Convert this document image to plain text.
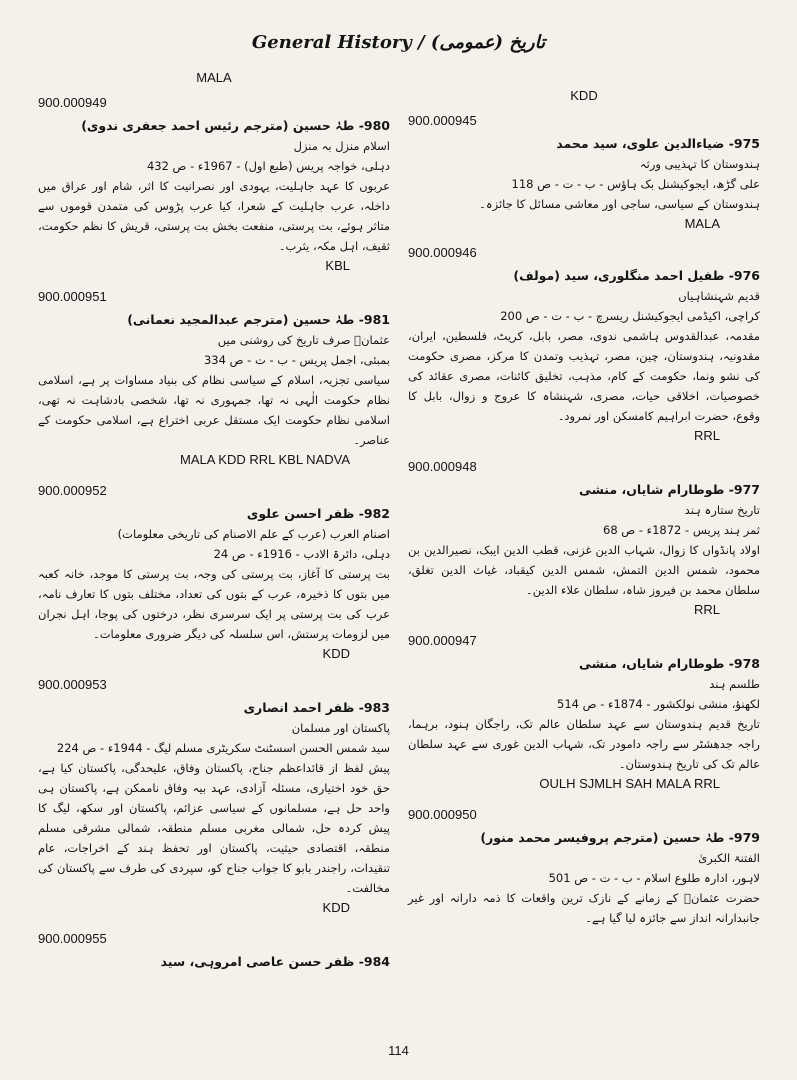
General History / (تاریخ (عمومی
KDD
900.000945
975- ضیاءالدین علوی، سید محمد
ہندوستان کا تہذیبی ورثہ
علی گڑھ، ایجوکیشنل بک ہاؤس - ب - ت - ص 118
ہندوستان کے سیاسی، ساجی اور معاشی مسائل کا جائزہ۔
MALA
900.000946
976- طفیل احمد منگلوری، سید (مولف)
قدیم شہنشاہیاں
کراچی، اکیڈمی ایجوکیشنل ریسرچ - ب - ت - ص 200
مقدمہ، عبدالقدوس ہاشمی ندوی، مصر، بابل، کریٹ، فلسطین، ایران، مقدونیہ، ہندوستان، چین، مصر، تہذیب وتمدن کا مرکز، مصری حکومت کی نشو ونما، حکومت کے کام، مذہب، تخلیق کائنات، مصری عقائد کی خصوصیات، اخلاقی حیات، مصری، شہنشاہ کا عروج و زوال، بابل کا وقوع، حضرت ابراہیم کامسکن اور نمرود۔
RRL
900.000948
977- طوطارام شایاں، منشی
تاریخ ستارہ ہند
ثمر ہند پریس - 1872ء - ص 68
اولاد پانڈواں کا زوال، شہاب الدین غزنی، قطب الدین ایبک، نصیرالدین بن محمود، شمس الدین التمش، شمس الدین کیقباد، غیاث الدین تغلق، سلطان محمد بن فیروز شاہ، سلطان علاء الدین۔
RRL
900.000947
978- طوطارام شایاں، منشی
طلسم ہند
لکھنؤ، منشی نولکشور - 1874ء - ص 514
تاریخ قدیم ہندوستان سے عہد سلطان عالم تک، راجگان ہنود، برہما، راجہ جدھشٹر سے راجہ دامودر تک، شہاب الدین غوری سے عہد سلطان عالم تک کی تاریخ ہندوستان۔
OULH SJMLH SAH MALA RRL
900.000950
979- طہٰ حسین (مترجم پروفیسر محمد منور)
الفتنۃ الکبریٰ
لاہور، ادارہ طلوع اسلام - ب - ت - ص 501
حضرت عثمانؓ کے زمانے کے نازک ترین واقعات کا ذمہ دارانہ اور غیر جانبدارانہ انداز سے جائزہ لیا گیا ہے۔
MALA
900.000949
980- طہٰ حسین (مترجم رئیس احمد جعفری ندوی)
اسلام منزل بہ منزل
دہلی، خواجہ پریس (طبع اول) - 1967ء - ص 432
عربوں کا عہد جاہلیت، یہودی اور نصرانیت کا اثر، شام اور عراق میں داخلہ، عرب جاہلیت کے شعرا، کیا عرب پڑوس کی متمدن قوموں سے متاثر ہوئے، بت پرستی، منفعت بخش بت پرستی، قریش کا نظم حکومت، ثقیف، اہل مکہ، یثرب۔
KBL
900.000951
981- طہٰ حسین (مترجم عبدالمجید نعمانی)
عثمانؓ صرف تاریخ کی روشنی میں
بمبئی، اجمل پریس - ب - ت - ص 334
سیاسی تجزیہ، اسلام کے سیاسی نظام کی بنیاد مساوات پر ہے، اسلامی نظام حکومت الٰہی نہ تھا، جمہوری نہ تھا، شخصی بادشاہت نہ تھی، اسلامی نظام حکومت ایک مستقل عربی اختراع ہے، اسلامی حکومت کے عناصر۔
MALA KDD RRL KBL NADVA
900.000952
982- ظفر احسن علوی
اصنام العرب (عرب کے علم الاصنام کی تاریخی معلومات)
دہلی، دائرۃ الادب - 1916ء - ص 24
بت پرستی کا آغاز، بت پرستی کی وجہ، بت پرستی کا موجد، خانہ کعبہ میں بتوں کا ذخیرہ، عرب کے بتوں کی تعداد، مختلف بتوں کا تعارف نامہ، عرب کی بت پرستی پر ایک سرسری نظر، درختوں کی پوجا، اہل نجران میں لزومات پرستش، اس سلسلہ کی دیگر ضروری معلومات۔
KDD
900.000953
983- ظفر احمد انصاری
پاکستان اور مسلمان
سید شمس الحسن اسسٹنٹ سکریٹری مسلم لیگ - 1944ء - ص 224
پیش لفظ از قائداعظم جناح، پاکستان وفاق، علیحدگی، پاکستان کیا ہے، حق خود اختیاری، مسئلہ آزادی، عہد بیہ وفاق ناممکن ہے، پاکستان ہی واحد حل ہے، مسلمانوں کے سیاسی عزائم، پاکستان اور سکھ، لیگ کا پیش کردہ حل، شمالی مغربی مسلم منطقہ، شمالی مشرقی مسلم منطقہ، اقتصادی حیثیت، پاکستان اور تحفظ ہند کے اخراجات، عام تنقیدات، راجندر بابو کا جواب جناح کو، سپردی کی طرف سے پاکستان کی مخالفت۔
KDD
900.000955
984- ظفر حسن عاصی امروہی، سید
114
